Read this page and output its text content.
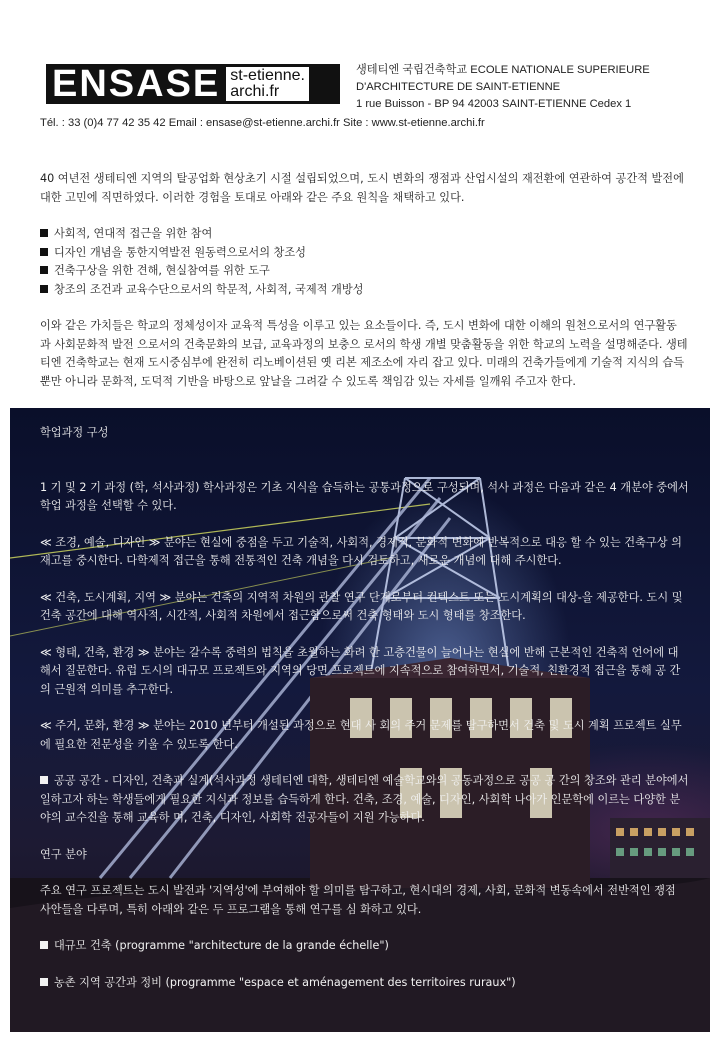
ENSASE st-etienne.
archi.fr
생테티엔 국립건축학교 ECOLE NATIONALE SUPERIEURE
D'ARCHITECTURE DE SAINT-ETIENNE
1 rue Buisson - BP 94 42003 SAINT-ETIENNE Cedex 1
Tél. : 33 (0)4 77 42 35 42 Email : ensase@st-etienne.archi.fr Site : www.st-etienne.archi.fr

40 여년전 생테티엔 지역의 탈공업화 현상초기 시절 설립되었으며, 도시 변화의 쟁점과 산업시설의 재전환에 연관하여 공간적 발전에 대한 고민에 직면하였다. 이러한 경험을 토대로 아래와 같은 주요 원칙을 채택하고 있다.

사회적, 연대적 접근을 위한 참여
디자인 개념을 통한지역발전 원동력으로서의 창조성
건축구상을 위한 견해, 현실참여를 위한 도구
창조의 조건과 교육수단으로서의 학문적, 사회적, 국제적 개방성

이와 같은 가치들은 학교의 정체성이자 교육적 특성을 이루고 있는 요소들이다. 즉, 도시 변화에 대한 이해의 원천으로서의 연구활동 과 사회문화적 발전 으로서의 건축문화의 보급, 교육과정의 보충으 로서의 학생 개별 맞춤활동을 위한 학교의 노력을 설명해준다. 생테티엔 건축학교는 현재 도시중심부에 완전히 리노베이션된 옛 리본 제조소에 자리 잡고 있다. 미래의 건축가들에게 기술적 지식의 습득뿐만 아니라 문화적, 도덕적 기반을 바탕으로 앞날을 그려갈 수 있도록 책임감 있는 자세를 일깨워 주고자 한다.

학업과정 구성

1 기 및 2 기 과정 (학, 석사과정) 학사과정은 기초 지식을 습득하는 공통과정으로 구성되며, 석사 과정은 다음과 같은 4 개분야 중에서 학업 과정을 선택할 수 있다.

≪ 조경, 예술, 디자인 ≫ 분야는 현실에 중점을 두고 기술적, 사회적, 경제적, 문화적 변화에 반복적으로 대응 할 수 있는 건축구상 의 재고를 중시한다. 다학제적 접근을 통해 전통적인 건축 개념을 다시 검토하고, 새로운 개념에 대해 주시한다.

≪ 건축, 도시계획, 지역 ≫ 분야는 건축의 지역적 차원의 관찰 연구 단계로부터 컨텍스트 또는 도시계획의 대상-을 제공한다. 도시 및 건축 공간에 대해 역사적, 시간적, 사회적 차원에서 접근함으로써 건축 형태와 도시 형태를 창조한다.

≪ 형태, 건축, 환경 ≫ 분야는 갈수록 중력의 법칙을 초월하는 화려 한 고층건물이 늘어나는 현실에 반해 근본적인 건축적 언어에 대 해서 질문한다. 유럽 도시의 대규모 프로젝트와 지역의 당면 프로젝트에 지속적으로 참여하면서, 기술적, 친환경적 접근을 통해 공 간의 근원적 의미를 추구한다.

≪ 주거, 문화, 환경 ≫ 분야는 2010 년부터 개설된 과정으로 현대 사 회의 주거 문제를 탐구하면서 건축 및 도시 계획 프로젝트 실무에 필요한 전문성을 키울 수 있도록 한다.

공공 공간 - 디자인, 건축과 실계(석사과정 생테티엔 대학, 생테티엔 예술학교와의 공동과정으로 공공 공 간의 창조와 관리 분야에서 일하고자 하는 학생들에게 필요한 지식과 정보를 습득하게 한다. 건축, 조경, 예술, 디자인, 사회학 나아가 인문학에 이르는 다양한 분야의 교수진을 통해 교육하 며, 건축, 디자인, 사회학 전공자들이 지원 가능하다.

연구 분야

주요 연구 프로젝트는 도시 발전과 '지역성'에 부여해야 할 의미를 탐구하고, 현시대의 경제, 사회, 문화적 변동속에서 전반적인 쟁점 사안들을 다루며, 특히 아래와 같은 두 프로그램을 통해 연구를 심 화하고 있다.

대규모 건축 (programme "architecture de la grande échelle")

농촌 지역 공간과 정비 (programme "espace et aménagement des territoires ruraux")
